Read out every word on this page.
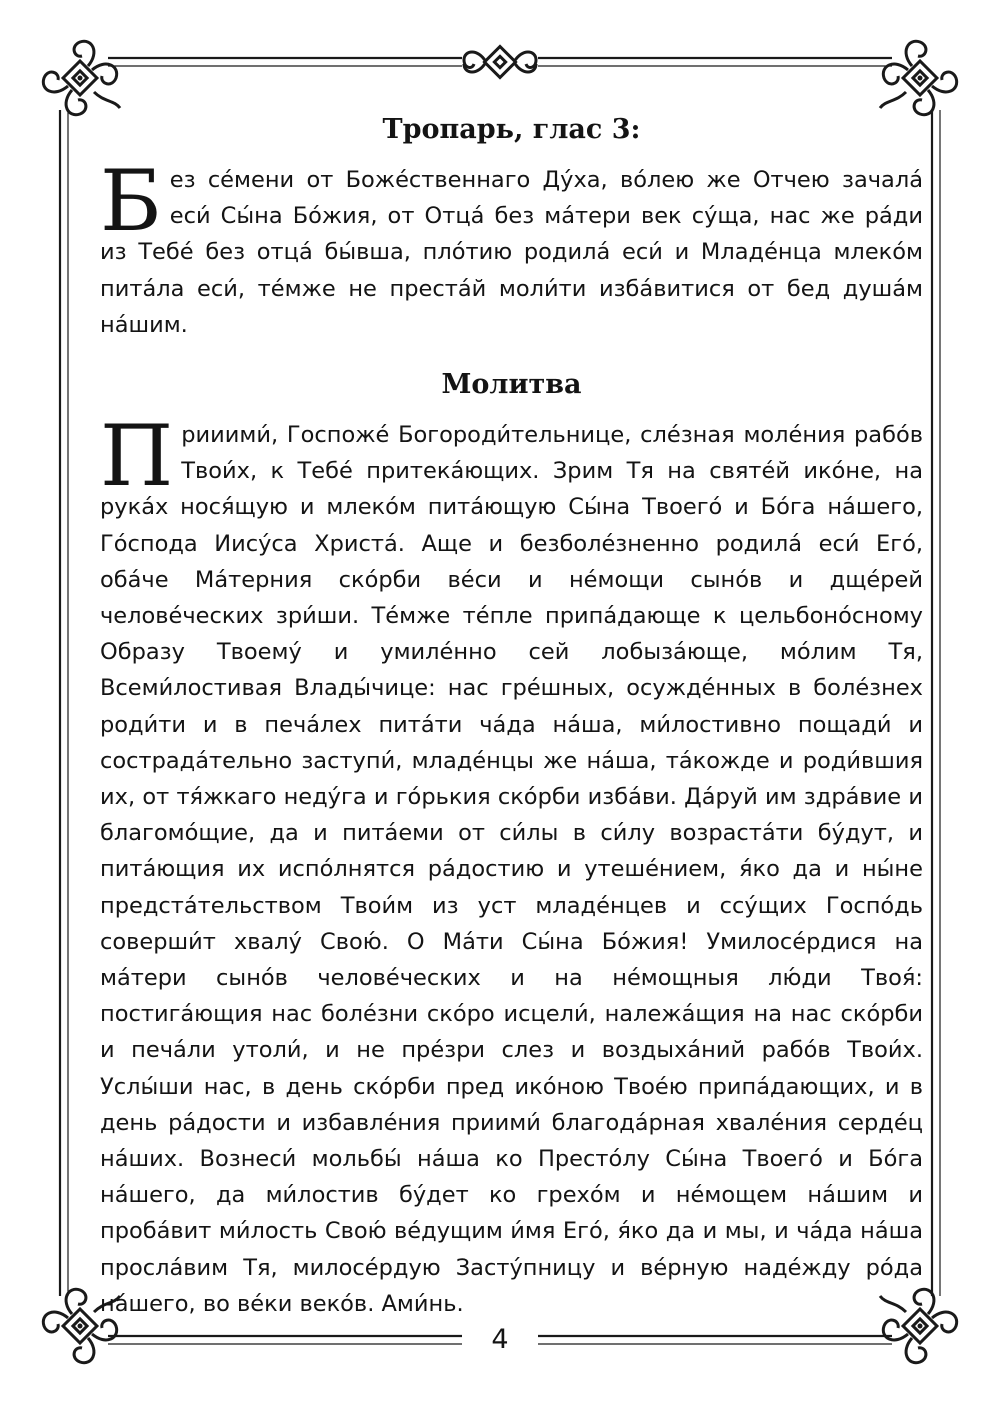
Тропарь, глас 3:

Без се́мени от Боже́ственнаго Ду́ха, во́лею же Отчею зачала́ еси́ Сы́на Бо́жия, от Отца́ без ма́тери век су́ща, нас же ра́ди из Тебе́ без отца́ бы́вша, пло́тию родила́ еси́ и Младе́нца млеко́м пита́ла еси́, те́мже не преста́й моли́ти изба́витися от бед душа́м на́шим.

Молитва

Прииими́, Госпоже́ Богороди́тельнице, сле́зная моле́ния рабо́в Твои́х, к Тебе́ притека́ющих. Зрим Тя на святе́й ико́не, на рука́х нося́щую и млеко́м пита́ющую Сы́на Твоего́ и Бо́га на́шего, Го́спода Иису́са Христа́. Аще и безболе́зненно родила́ еси́ Его́, оба́че Ма́терния ско́рби ве́си и не́мощи сыно́в и дще́рей челове́ческих зри́ши. Те́мже те́пле припа́дающе к цельбоно́сному Образу Твоему́ и умиле́нно сей лобыза́юще, мо́лим Тя, Всеми́лостивая Влады́чице: нас гре́шных, осужде́нных в боле́знех роди́ти и в печа́лех пита́ти ча́да на́ша, ми́лостивно пощади́ и сострада́тельно заступи́, младе́нцы же на́ша, та́кожде и роди́вшия их, от тя́жкаго неду́га и го́рькия ско́рби изба́ви. Да́руй им здра́вие и благомо́щие, да и пита́еми от си́лы в си́лу возраста́ти бу́дут, и пита́ющия их испо́лнятся ра́достию и утеше́нием, я́ко да и ны́не предста́тельством Твои́м из уст младе́нцев и ссу́щих Госпо́дь соверши́т хвалу́ Свою́. О Ма́ти Сы́на Бо́жия! Умилосе́рдися на ма́тери сыно́в челове́ческих и на не́мощныя лю́ди Твоя́: постига́ющия нас боле́зни ско́ро исцели́, належа́щия на нас ско́рби и печа́ли утоли́, и не пре́зри слез и воздыха́ний рабо́в Твои́х. Услы́ши нас, в день ско́рби пред ико́ною Твое́ю припа́дающих, и в день ра́дости и избавле́ния приими́ благода́рная хвале́ния серде́ц на́ших. Вознеси́ мольбы́ на́ша ко Престо́лу Сы́на Твоего́ и Бо́га на́шего, да ми́лостив бу́дет ко грехо́м и не́мощем на́шим и проба́вит ми́лость Свою́ ве́дущим и́мя Его́, я́ко да и мы, и ча́да на́ша просла́вим Тя, милосе́рдую Засту́пницу и ве́рную наде́жду ро́да на́шего, во ве́ки веко́в. Ами́нь.

4
